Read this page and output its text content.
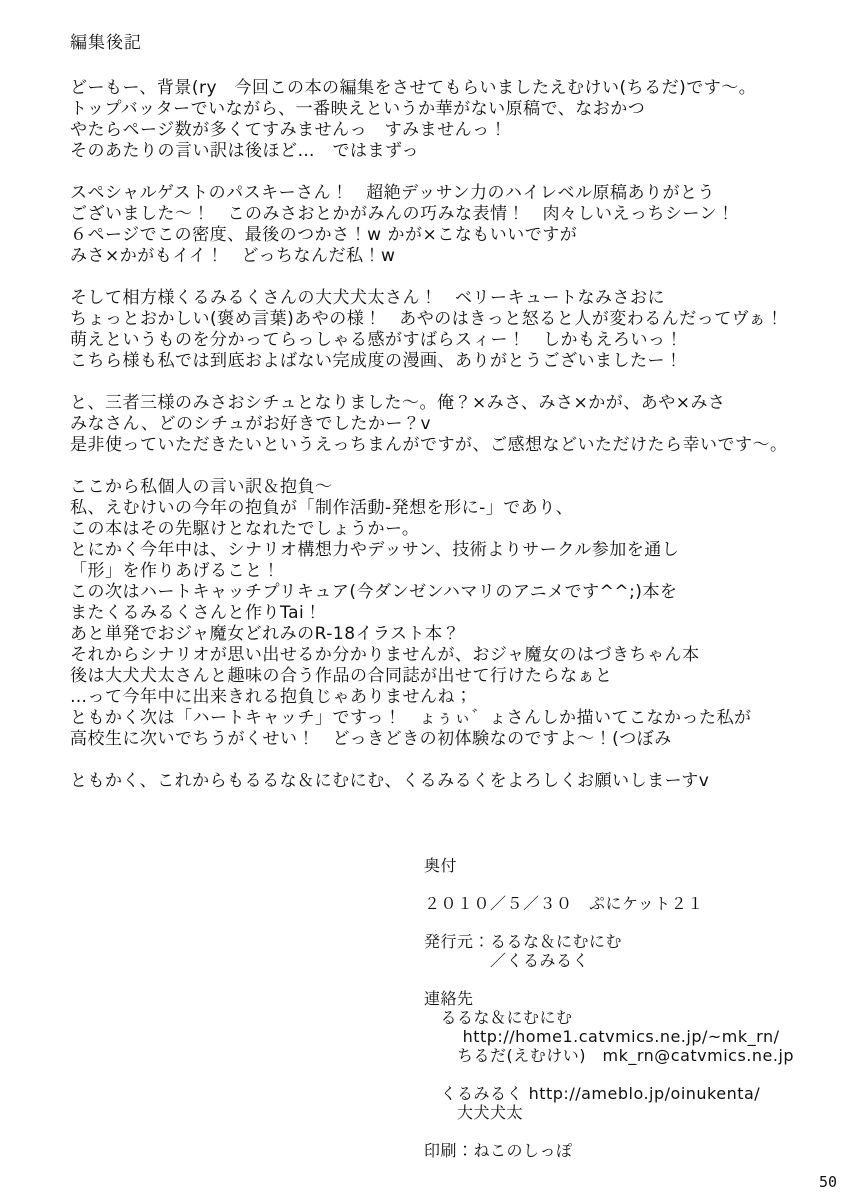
編集後記
どーもー、背景(ry　今回この本の編集をさせてもらいましたえむけい(ちるだ)です～。
トップバッターでいながら、一番映えというか華がない原稿で、なおかつ
やたらページ数が多くてすみませんっ　すみませんっ！
そのあたりの言い訳は後ほど…　ではまずっ

スペシャルゲストのパスキーさん！　超絶デッサン力のハイレベル原稿ありがとう
ございました～！　このみさおとかがみんの巧みな表情！　肉々しいえっちシーン！
６ページでこの密度、最後のつかさ！w かが×こなもいいですが
みさ×かがもイイ！　どっちなんだ私！w

そして相方様くるみるくさんの大犬犬太さん！　ベリーキュートなみさおに
ちょっとおかしい(褒め言葉)あやの様！　あやのはきっと怒ると人が変わるんだってヴぁ！
萌えというものを分かってらっしゃる感がすばらスィー！　しかもえろいっ！
こちら様も私では到底およばない完成度の漫画、ありがとうございましたー！

と、三者三様のみさおシチュとなりました～。俺？×みさ、みさ×かが、あや×みさ
みなさん、どのシチュがお好きでしたかー？v
是非使っていただきたいというえっちまんがですが、ご感想などいただけたら幸いです～。

ここから私個人の言い訳＆抱負～
私、えむけいの今年の抱負が「制作活動-発想を形に-」であり、
この本はその先駆けとなれたでしょうかー。
とにかく今年中は、シナリオ構想力やデッサン、技術よりサークル参加を通し
「形」を作りあげること！
この次はハートキャッチプリキュア(今ダンゼンハマリのアニメです^^;)本を
またくるみるくさんと作りTai！
あと単発でおジャ魔女どれみのR-18イラスト本？
それからシナリオが思い出せるか分かりませんが、おジャ魔女のはづきちゃん本
後は大犬犬太さんと趣味の合う作品の合同誌が出せて行けたらなぁと
…って今年中に出来きれる抱負じゃありませんね；
ともかく次は「ハートキャッチ」ですっ！　ょぅぃ゛ょさんしか描いてこなかった私が
高校生に次いでちうがくせい！　どっきどきの初体験なのですよ～！(つぼみ

ともかく、これからもるるな＆にむにむ、くるみるくをよろしくお願いしまーすv
奥付

２０１０／５／３０　ぷにケット２１

発行元：るるな＆にむにむ
　　　　／くるみるく

連絡先
　るるな＆にむにむ
　　 http://home1.catvmics.ne.jp/~mk_rn/
　　ちるだ(えむけい)　mk_rn@catvmics.ne.jp

　くるみるく http://ameblo.jp/oinukenta/
　　大犬犬太

印刷：ねこのしっぽ
50
